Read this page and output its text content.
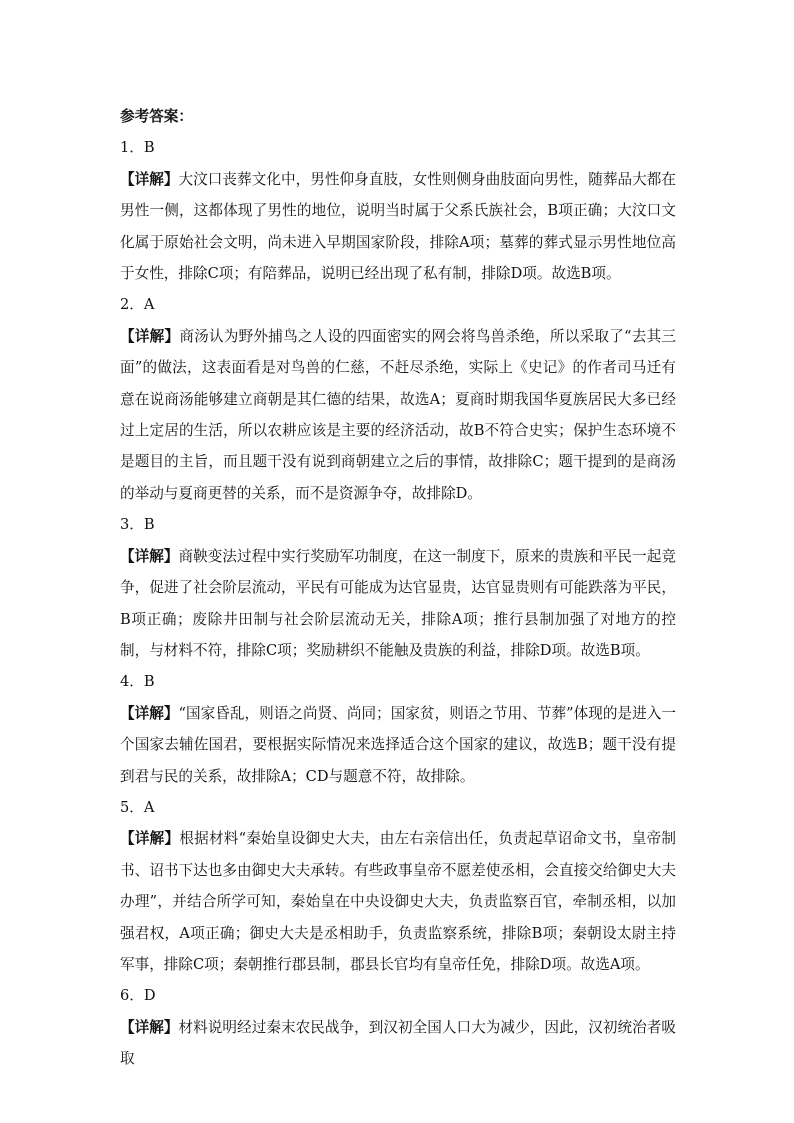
参考答案：

1．B

【详解】大汶口丧葬文化中，男性仰身直肢，女性则侧身曲肢面向男性，随葬品大都在男性一侧，这都体现了男性的地位，说明当时属于父系氏族社会，B项正确；大汶口文化属于原始社会文明，尚未进入早期国家阶段，排除A项；墓葬的葬式显示男性地位高于女性，排除C项；有陪葬品，说明已经出现了私有制，排除D项。故选B项。

2．A

【详解】商汤认为野外捕鸟之人设的四面密实的网会将鸟兽杀绝，所以采取了“去其三面”的做法，这表面看是对鸟兽的仁慈，不赶尽杀绝，实际上《史记》的作者司马迁有意在说商汤能够建立商朝是其仁德的结果，故选A；夏商时期我国华夏族居民大多已经过上定居的生活，所以农耕应该是主要的经济活动，故B不符合史实；保护生态环境不是题目的主旨，而且题干没有说到商朝建立之后的事情，故排除C；题干提到的是商汤的举动与夏商更替的关系，而不是资源争夺，故排除D。

3．B

【详解】商鞅变法过程中实行奖励军功制度，在这一制度下，原来的贵族和平民一起竞争，促进了社会阶层流动，平民有可能成为达官显贵，达官显贵则有可能跌落为平民，B项正确；废除井田制与社会阶层流动无关，排除A项；推行县制加强了对地方的控制，与材料不符，排除C项；奖励耕织不能触及贵族的利益，排除D项。故选B项。

4．B

【详解】“国家昏乱，则语之尚贤、尚同；国家贫，则语之节用、节葬”体现的是进入一个国家去辅佐国君，要根据实际情况来选择适合这个国家的建议，故选B；题干没有提到君与民的关系，故排除A；CD与题意不符，故排除。

5．A

【详解】根据材料“秦始皇设御史大夫，由左右亲信出任，负责起草诏命文书，皇帝制书、诏书下达也多由御史大夫承转。有些政事皇帝不愿差使丞相，会直接交给御史大夫办理”，并结合所学可知，秦始皇在中央设御史大夫，负责监察百官，牵制丞相，以加强君权，A项正确；御史大夫是丞相助手，负责监察系统，排除B项；秦朝设太尉主持军事，排除C项；秦朝推行郡县制，郡县长官均有皇帝任免，排除D项。故选A项。

6．D

【详解】材料说明经过秦末农民战争，到汉初全国人口大为减少，因此，汉初统治者吸取
